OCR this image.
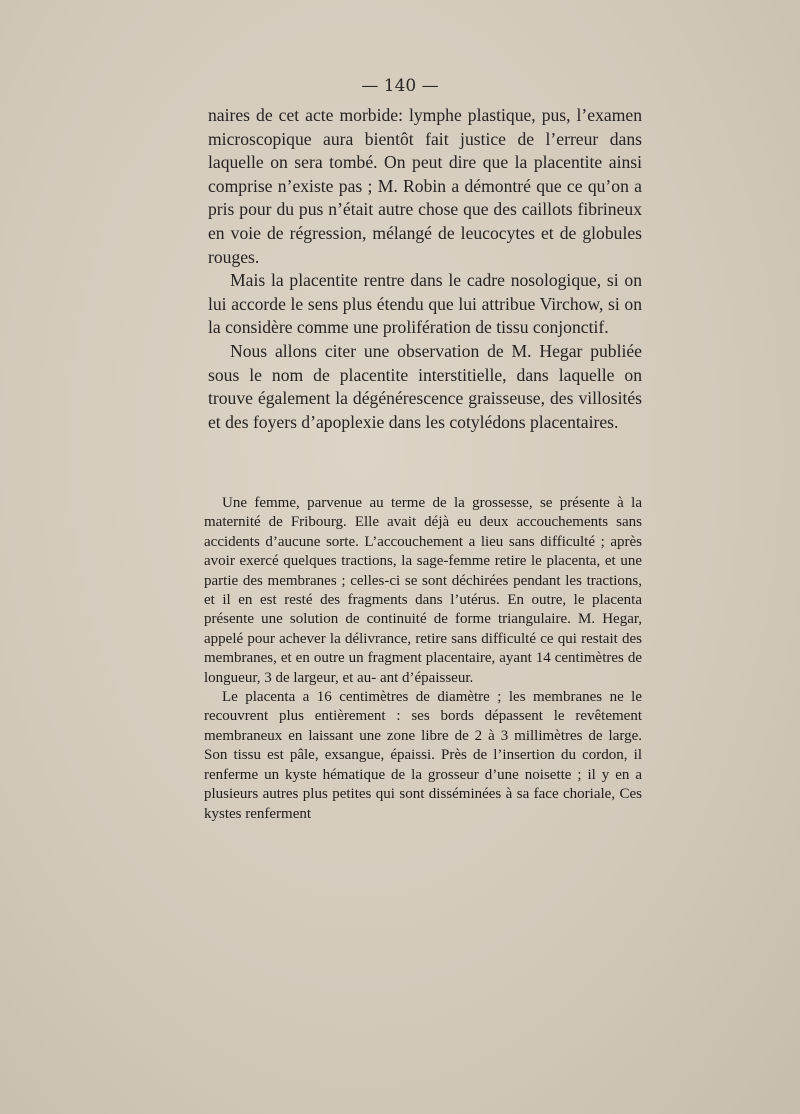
— 140 —

naires de cet acte morbide: lymphe plastique, pus, l’examen microscopique aura bientôt fait justice de l’erreur dans laquelle on sera tombé. On peut dire que la placentite ainsi comprise n’existe pas ; M. Robin a démontré que ce qu’on a pris pour du pus n’était autre chose que des caillots fibrineux en voie de régression, mélangé de leucocytes et de globules rouges.

Mais la placentite rentre dans le cadre nosologique, si on lui accorde le sens plus étendu que lui attribue Virchow, si on la considère comme une prolifération de tissu conjonctif.

Nous allons citer une observation de M. Hegar publiée sous le nom de placentite interstitielle, dans laquelle on trouve également la dégénérescence graisseuse, des villosités et des foyers d’apoplexie dans les cotylédons placentaires.

Une femme, parvenue au terme de la grossesse, se présente à la maternité de Fribourg. Elle avait déjà eu deux accouchements sans accidents d’aucune sorte. L’accouchement a lieu sans difficulté ; après avoir exercé quelques tractions, la sage-femme retire le placenta, et une partie des membranes ; celles-ci se sont déchirées pendant les tractions, et il en est resté des fragments dans l’utérus. En outre, le placenta présente une solution de continuité de forme triangulaire. M. Hegar, appelé pour achever la délivrance, retire sans difficulté ce qui restait des membranes, et en outre un fragment placentaire, ayant 14 centimètres de longueur, 3 de largeur, et au- ant d’épaisseur.

Le placenta a 16 centimètres de diamètre ; les membranes ne le recouvrent plus entièrement : ses bords dépassent le revêtement membraneux en laissant une zone libre de 2 à 3 millimètres de large. Son tissu est pâle, exsangue, épaissi. Près de l’insertion du cordon, il renferme un kyste hématique de la grosseur d’une noisette ; il y en a plusieurs autres plus petites qui sont disséminées à sa face choriale, Ces kystes renferment
